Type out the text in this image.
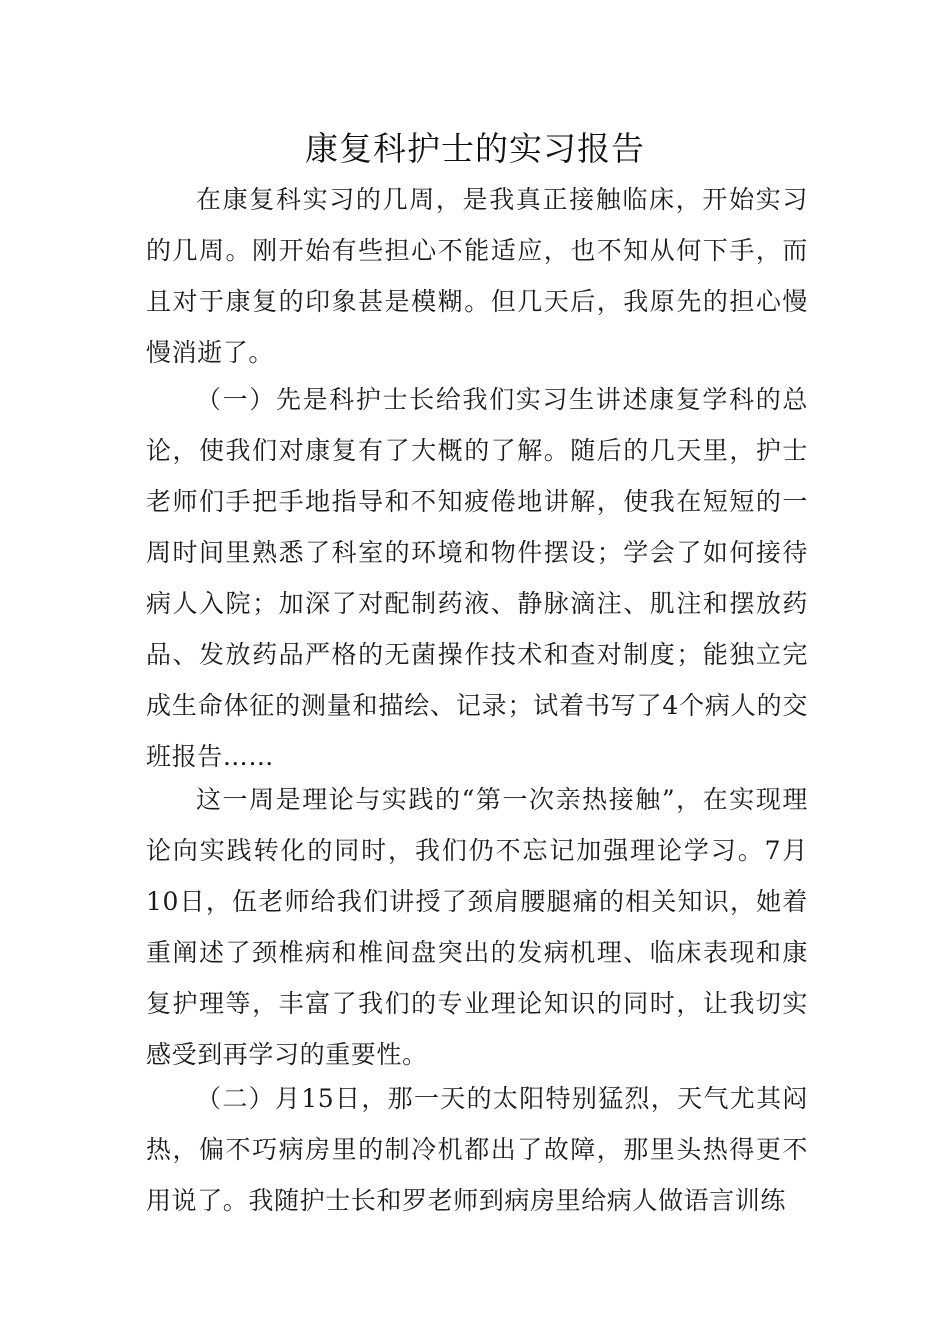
康复科护士的实习报告

在康复科实习的几周，是我真正接触临床，开始实习的几周。刚开始有些担心不能适应，也不知从何下手，而且对于康复的印象甚是模糊。但几天后，我原先的担心慢慢消逝了。

（一）先是科护士长给我们实习生讲述康复学科的总论，使我们对康复有了大概的了解。随后的几天里，护士老师们手把手地指导和不知疲倦地讲解，使我在短短的一周时间里熟悉了科室的环境和物件摆设；学会了如何接待病人入院；加深了对配制药液、静脉滴注、肌注和摆放药品、发放药品严格的无菌操作技术和查对制度；能独立完成生命体征的测量和描绘、记录；试着书写了4个病人的交班报告……

这一周是理论与实践的“第一次亲热接触”，在实现理论向实践转化的同时，我们仍不忘记加强理论学习。7月10日，伍老师给我们讲授了颈肩腰腿痛的相关知识，她着重阐述了颈椎病和椎间盘突出的发病机理、临床表现和康复护理等，丰富了我们的专业理论知识的同时，让我切实感受到再学习的重要性。

（二）月15日，那一天的太阳特别猛烈，天气尤其闷热，偏不巧病房里的制冷机都出了故障，那里头热得更不用说了。我随护士长和罗老师到病房里给病人做语言训练
